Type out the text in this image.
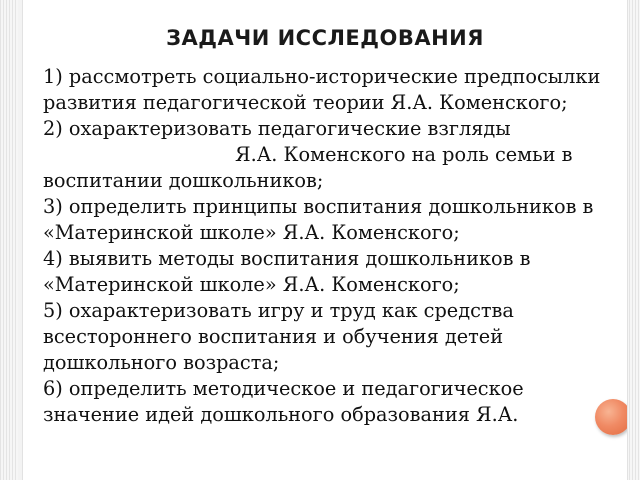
ЗАДАЧИ ИССЛЕДОВАНИЯ
1) рассмотреть социально-исторические предпосылки развития педагогической теории Я.А. Коменского;
2) охарактеризовать педагогические взгляды
Я.А. Коменского на роль семьи в воспитании дошкольников;
3) определить принципы воспитания дошкольников в «Материнской школе» Я.А. Коменского;
4) выявить методы воспитания дошкольников в «Материнской школе» Я.А. Коменского;
5) охарактеризовать игру и труд как средства всестороннего воспитания и обучения детей дошкольного возраста;
6) определить методическое и педагогическое значение идей дошкольного образования Я.А.
